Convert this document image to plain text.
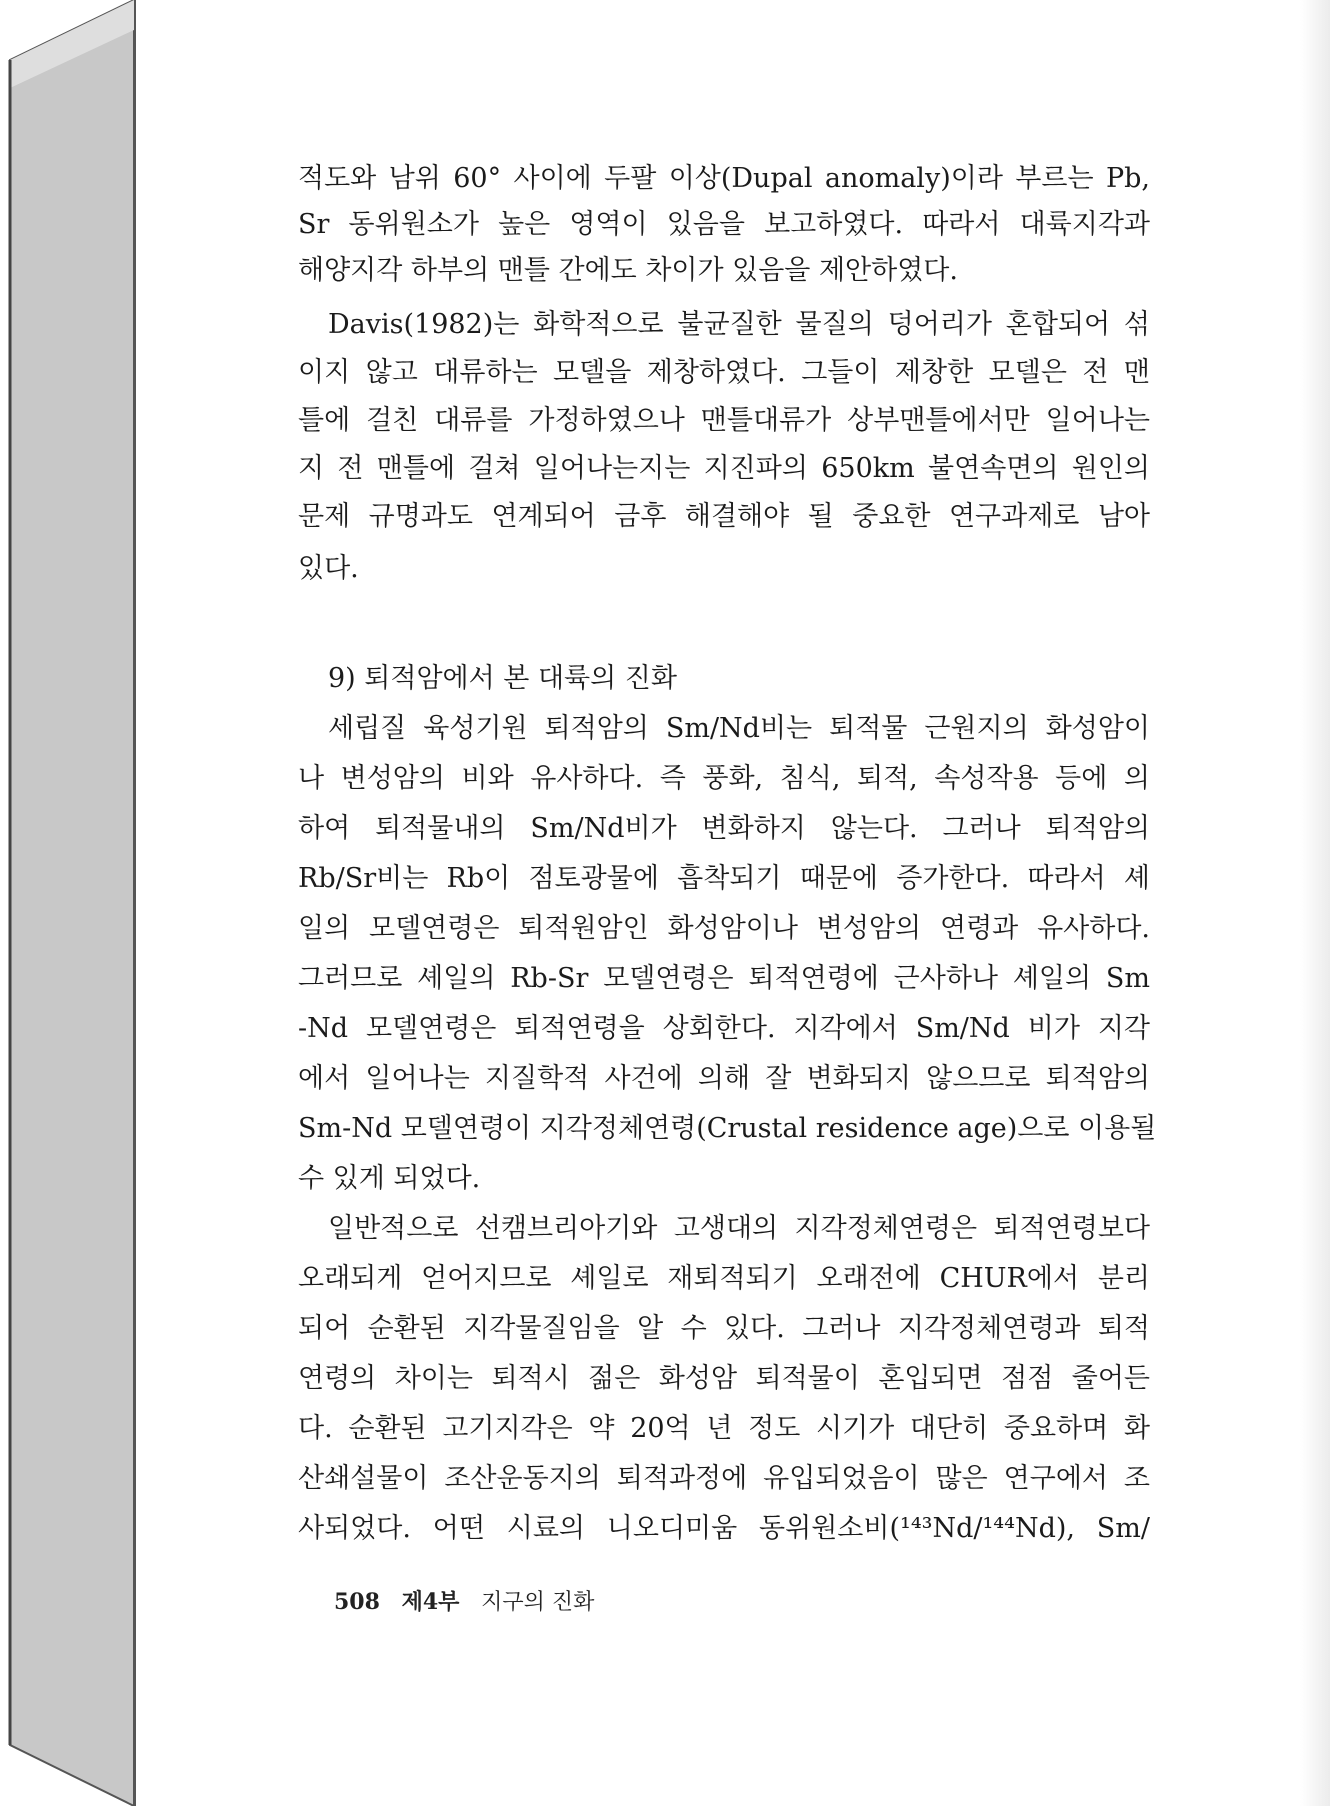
적도와 남위 60° 사이에 두팔 이상(Dupal anomaly)이라 부르는 Pb,
Sr 동위원소가 높은 영역이 있음을 보고하였다. 따라서 대륙지각과
해양지각 하부의 맨틀 간에도 차이가 있음을 제안하였다.
Davis(1982)는 화학적으로 불균질한 물질의 덩어리가 혼합되어 섞
이지 않고 대류하는 모델을 제창하였다. 그들이 제창한 모델은 전 맨
틀에 걸친 대류를 가정하였으나 맨틀대류가 상부맨틀에서만 일어나는
지 전 맨틀에 걸쳐 일어나는지는 지진파의 650km 불연속면의 원인의
문제 규명과도 연계되어 금후 해결해야 될 중요한 연구과제로 남아
있다.
9) 퇴적암에서 본 대륙의 진화
세립질 육성기원 퇴적암의 Sm/Nd비는 퇴적물 근원지의 화성암이
나 변성암의 비와 유사하다. 즉 풍화, 침식, 퇴적, 속성작용 등에 의
하여 퇴적물내의 Sm/Nd비가 변화하지 않는다. 그러나 퇴적암의
Rb/Sr비는 Rb이 점토광물에 흡착되기 때문에 증가한다. 따라서 셰
일의 모델연령은 퇴적원암인 화성암이나 변성암의 연령과 유사하다.
그러므로 셰일의 Rb-Sr 모델연령은 퇴적연령에 근사하나 셰일의 Sm
-Nd 모델연령은 퇴적연령을 상회한다. 지각에서 Sm/Nd 비가 지각
에서 일어나는 지질학적 사건에 의해 잘 변화되지 않으므로 퇴적암의
Sm-Nd 모델연령이 지각정체연령(Crustal residence age)으로 이용될
수 있게 되었다.
일반적으로 선캠브리아기와 고생대의 지각정체연령은 퇴적연령보다
오래되게 얻어지므로 셰일로 재퇴적되기 오래전에 CHUR에서 분리
되어 순환된 지각물질임을 알 수 있다. 그러나 지각정체연령과 퇴적
연령의 차이는 퇴적시 젊은 화성암 퇴적물이 혼입되면 점점 줄어든
다. 순환된 고기지각은 약 20억 년 정도 시기가 대단히 중요하며 화
산쇄설물이 조산운동지의 퇴적과정에 유입되었음이 많은 연구에서 조
사되었다. 어떤 시료의 니오디미움 동위원소비(¹⁴³Nd/¹⁴⁴Nd), Sm/
508 제4부 지구의 진화
